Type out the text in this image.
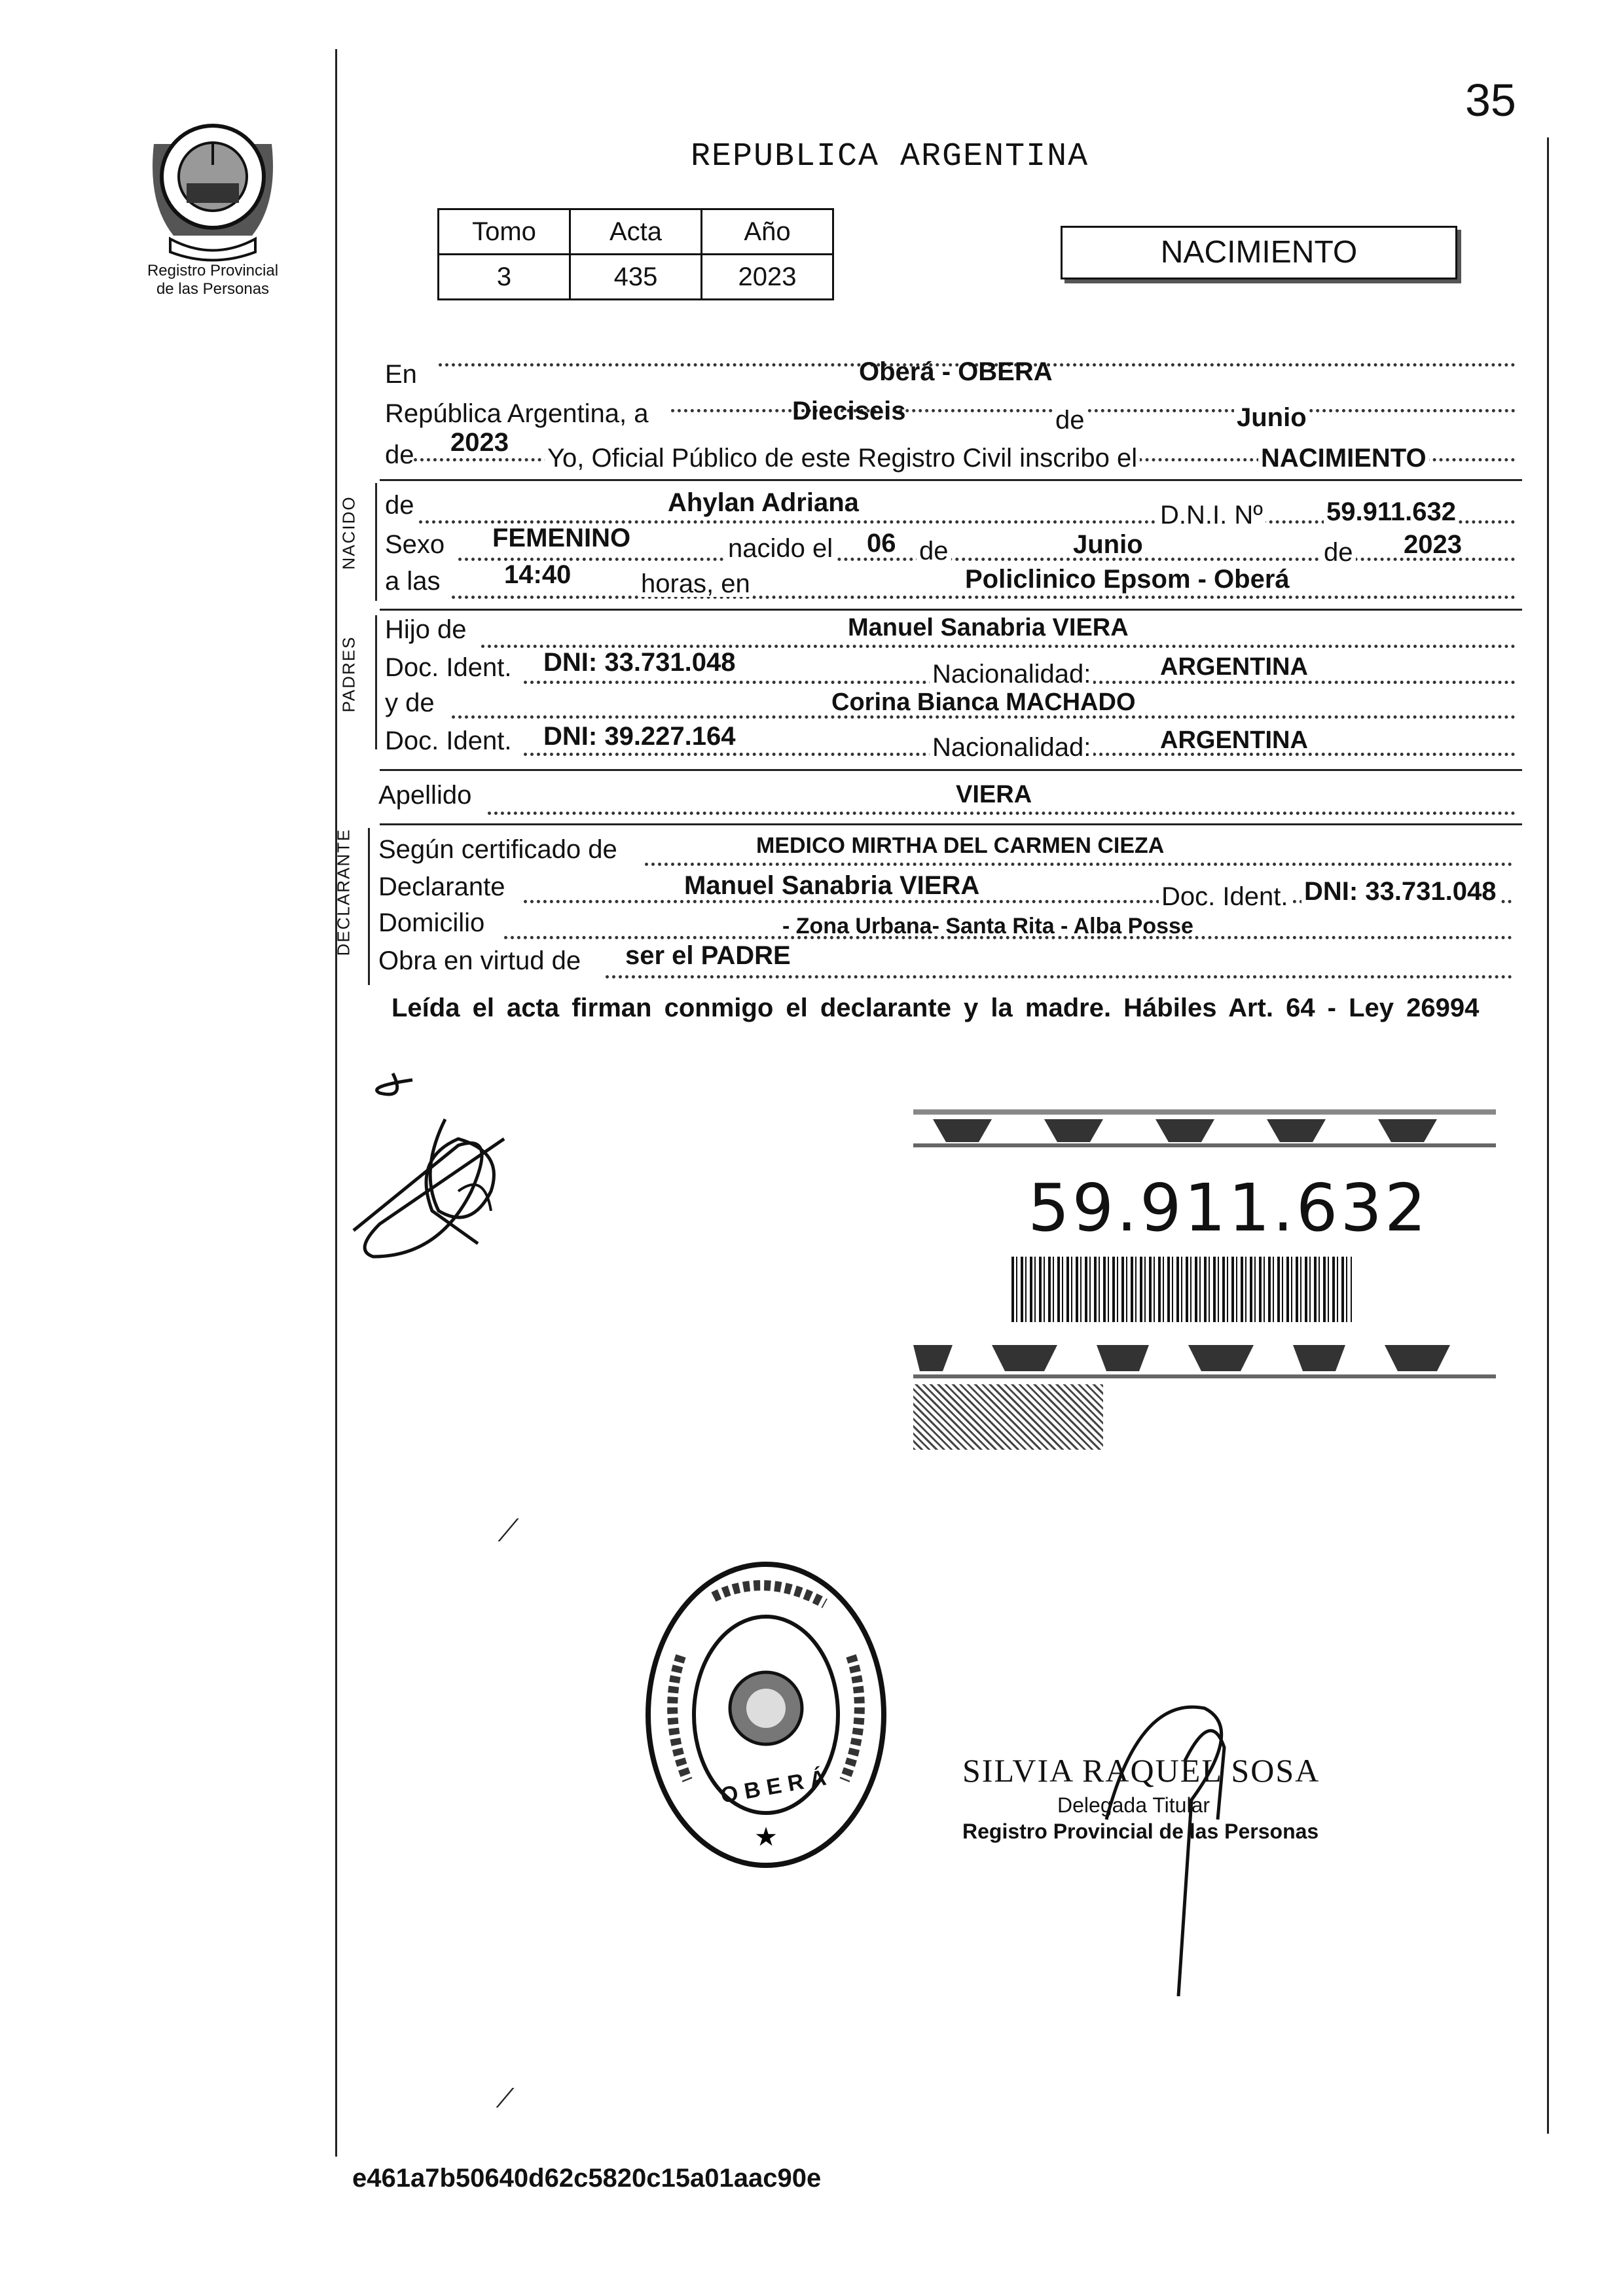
35
Registro Provincial
de las Personas
REPUBLICA ARGENTINA
Tomo	Acta	Año
3	435	2023
NACIMIENTO
En	Oberá - OBERA
República Argentina, a	Dieciseis	de	Junio
de 2023
Yo, Oficial Público de este Registro Civil inscribo el	NACIMIENTO
NACIDO de	Ahylan Adriana	D.N.I. Nº 59.911.632
Sexo FEMENINO	nacido el 06 de	Junio	de 2023
a las 14:40	horas, en	Policlinico Epsom - Oberá
PADRES
Hijo de	Manuel Sanabria VIERA
Doc. Ident. DNI: 33.731.048	Nacionalidad:	ARGENTINA
y de	Corina Bianca MACHADO
Doc. Ident. DNI: 39.227.164	Nacionalidad:	ARGENTINA
Apellido	VIERA
DECLARANTE Según certificado de	MEDICO MIRTHA DEL CARMEN CIEZA
Declarante	Manuel Sanabria VIERA	Doc. Ident. DNI: 33.731.048
Domicilio	- Zona Urbana- Santa Rita - Alba Posse
Obra en virtud de ser el PADRE
Leída el acta firman conmigo el declarante y la madre. Hábiles Art. 64 - Ley 26994
59.911.632
★
OBERÁ	SILVIA RAQUEL SOSA
Delegada Titular
Registro Provincial de las Personas
e461a7b50640d62c5820c15a01aac90e
